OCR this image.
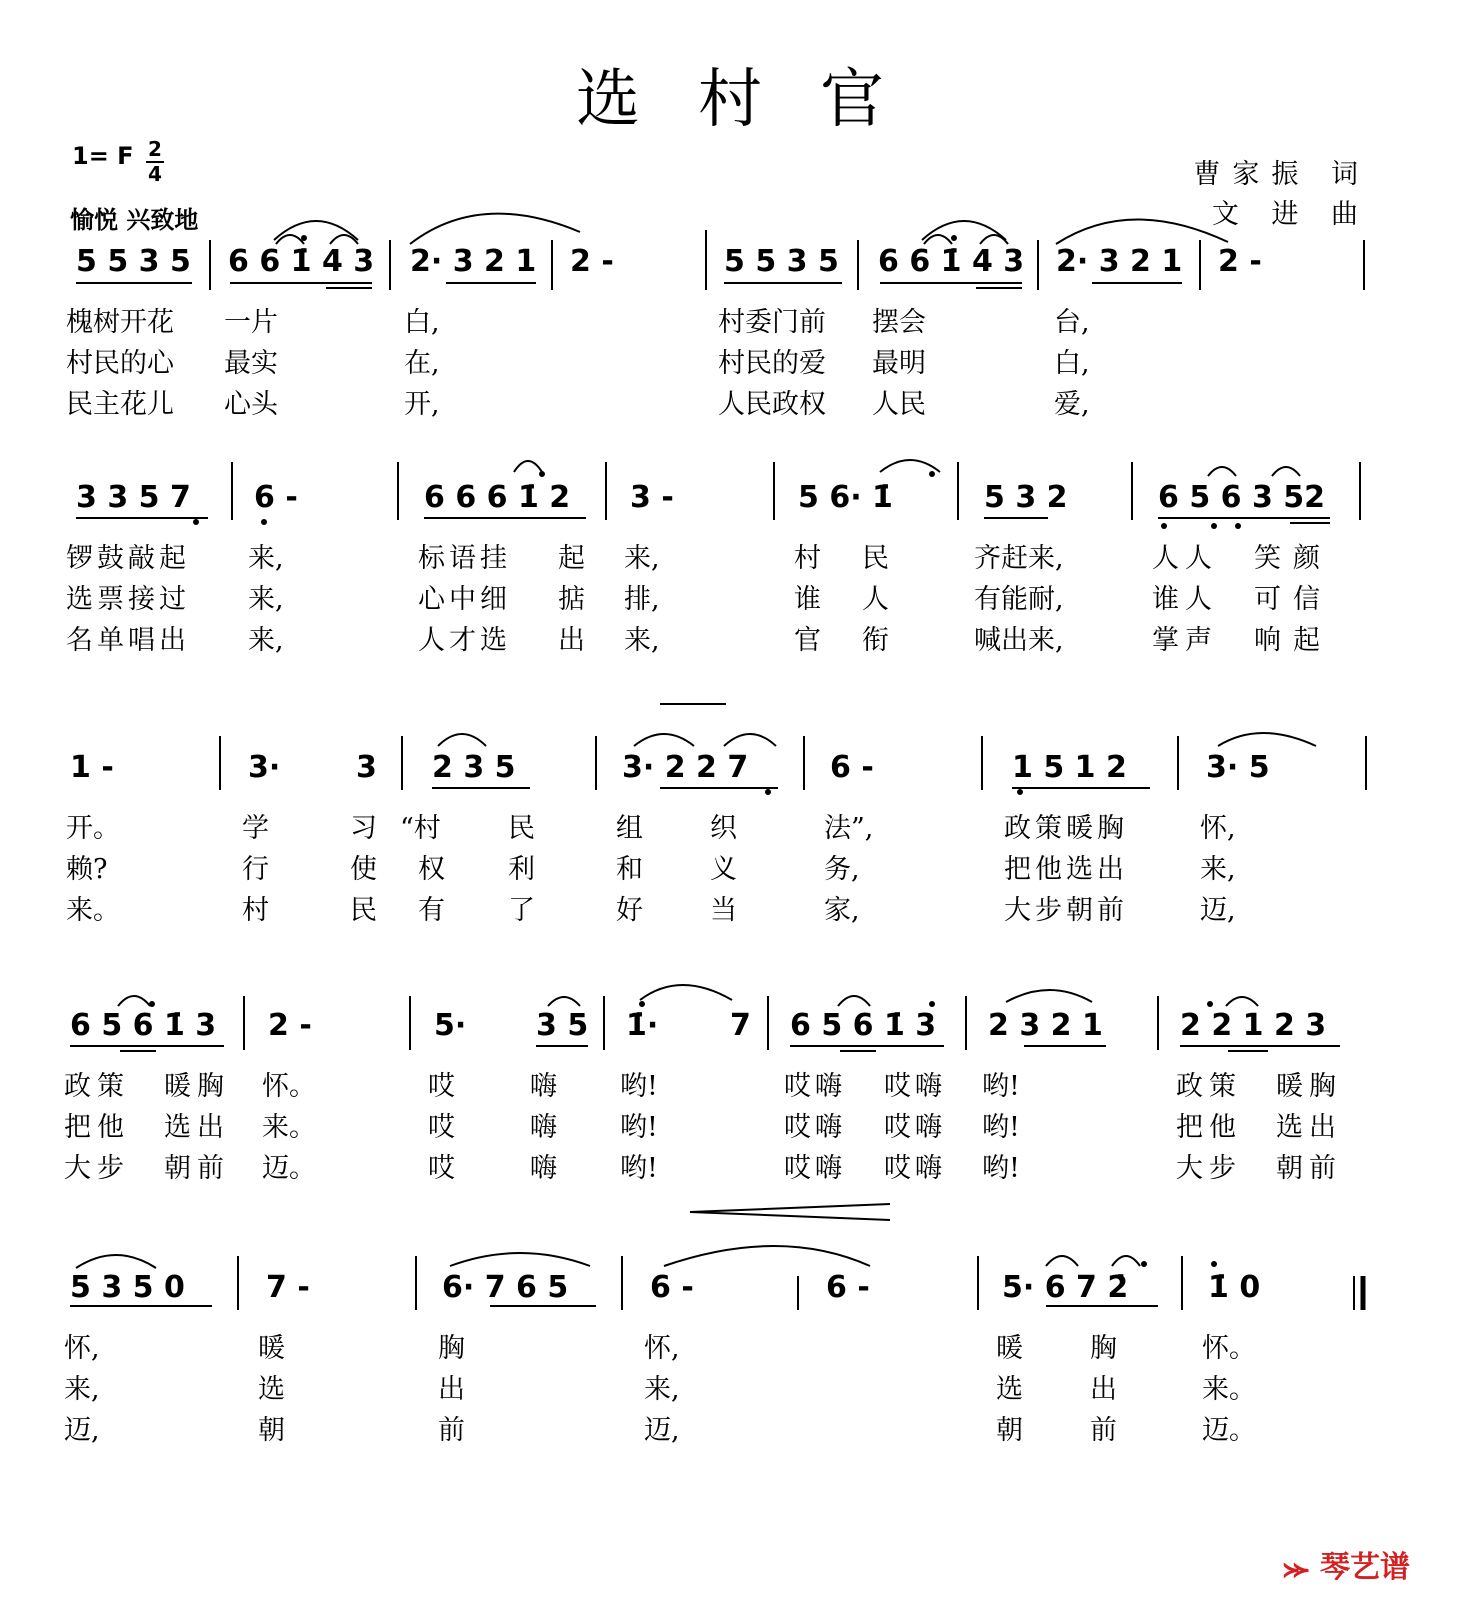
选村官
1= F 2
4
愉悦 兴致地
曹家振 词
文 进 曲
5 5 3 5 6 6 1̇ 4 3 2· 3 2 1 2 -	5 5 3 5 6 6 1̇ 4 3 2· 3 2 1 2 -
槐树开花 一片	白,	村委门前 摆会	台,
村民的心 最实	在,	村民的爱 最明	白,
民主花儿 心头	开,	人民政权 人民	爱,
3 3 5 7 6 -	6 6 6 1̇ 2 3 -	5 6· 1̇	5 3 2	6 5 6 3 52
锣鼓敲起 来,	标语挂 起 来,	村 民	齐赶来,	人人 笑颜
选票接过 来,	心中细 掂 排,	谁 人	有能耐,	谁人 可信
名单唱出 来,	人才选 出 来,	官 衔	喊出来,	掌声 响起
1 -	3·	3 2 3 5	3· 2 2 7	6 -	1 5 1 2	3· 5
开。	学	习 “村 民	组 织	法”,	政策暖胸	怀,
赖?	行	使 权 利	和 义	务,	把他选出	来,
来。	村	民 有 了	好 当	家,	大步朝前	迈,
6 5 6 1̇ 3 2 -	5· 3 5 1̇· 7 6 5 6 1̇ 3 2 3 2 1	2 2 1 2 3
政策 暖胸 怀。	哎	嗨 哟!	哎嗨 哎嗨 哟!	政策 暖胸
把他 选出 来。	哎	嗨 哟!	哎嗨 哎嗨 哟!	把他 选出
大步 朝前 迈。	哎	嗨 哟!	哎嗨 哎嗨 哟!	大步 朝前
5 3 5 0	7 -	6· 7 6 5	6 -	6 -	5· 6 7 2̇	1̇ 0
怀,	暖	胸	怀,	暖 胸	怀。
来,	选	出	来,	选 出	来。
迈,	朝	前	迈,	朝 前	迈。
⪼ 琴艺谱
